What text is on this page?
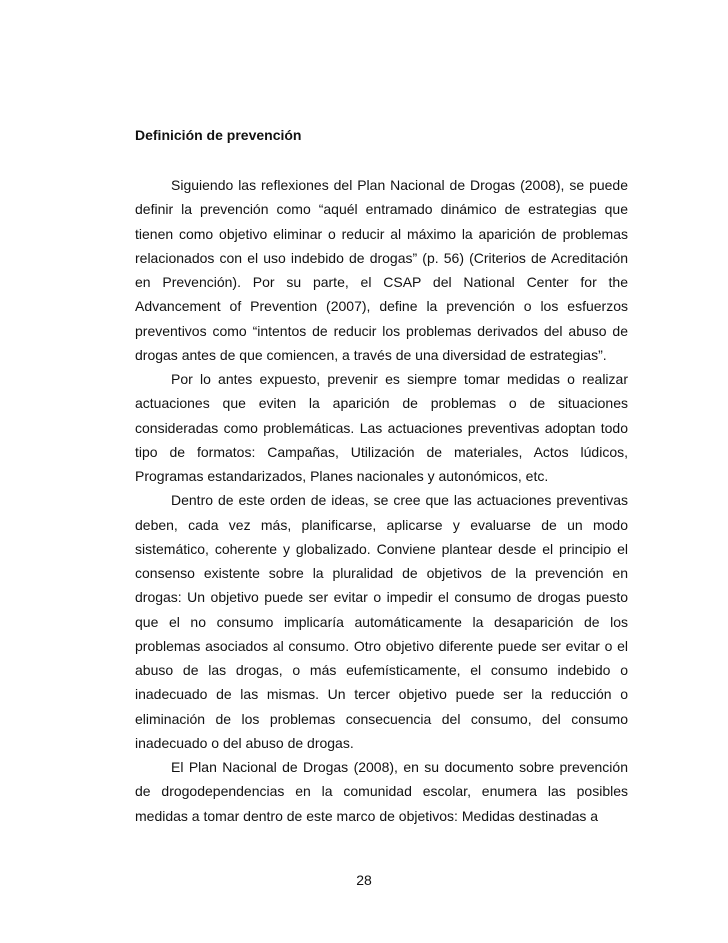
Definición de prevención

Siguiendo las reflexiones del Plan Nacional de Drogas (2008), se puede definir la prevención como “aquél entramado dinámico de estrategias que tienen como objetivo eliminar o reducir al máximo la aparición de problemas relacionados con el uso indebido de drogas” (p. 56) (Criterios de Acreditación en Prevención). Por su parte, el CSAP del National Center for the Advancement of Prevention (2007), define la prevención o los esfuerzos preventivos como “intentos de reducir los problemas derivados del abuso de drogas antes de que comiencen, a través de una diversidad de estrategias”.

Por lo antes expuesto, prevenir es siempre tomar medidas o realizar actuaciones que eviten la aparición de problemas o de situaciones consideradas como problemáticas. Las actuaciones preventivas adoptan todo tipo de formatos: Campañas, Utilización de materiales, Actos lúdicos, Programas estandarizados, Planes nacionales y autonómicos, etc.

Dentro de este orden de ideas, se cree que las actuaciones preventivas deben, cada vez más, planificarse, aplicarse y evaluarse de un modo sistemático, coherente y globalizado. Conviene plantear desde el principio el consenso existente sobre la pluralidad de objetivos de la prevención en drogas: Un objetivo puede ser evitar o impedir el consumo de drogas puesto que el no consumo implicaría automáticamente la desaparición de los problemas asociados al consumo. Otro objetivo diferente puede ser evitar o el abuso de las drogas, o más eufemísticamente, el consumo indebido o inadecuado de las mismas. Un tercer objetivo puede ser la reducción o eliminación de los problemas consecuencia del consumo, del consumo inadecuado o del abuso de drogas.

El Plan Nacional de Drogas (2008), en su documento sobre prevención de drogodependencias en la comunidad escolar, enumera las posibles medidas a tomar dentro de este marco de objetivos: Medidas destinadas a

28
